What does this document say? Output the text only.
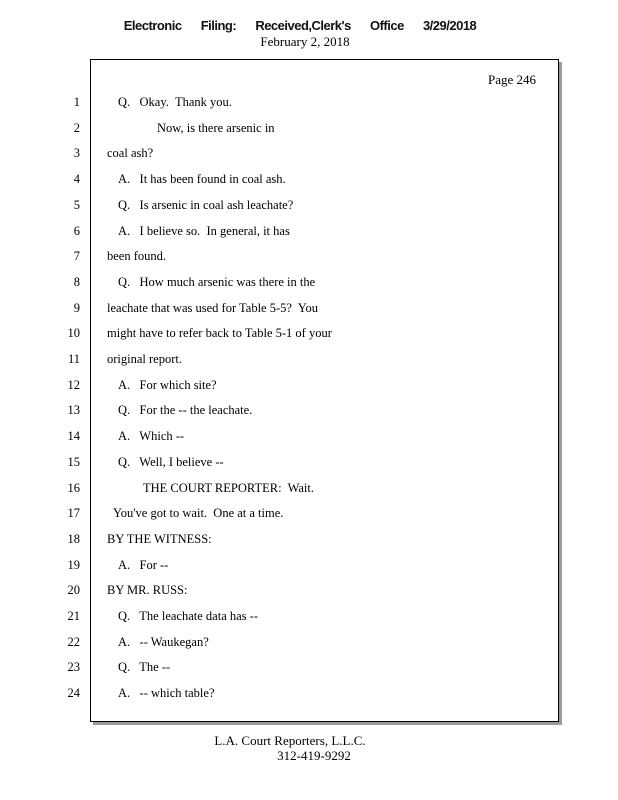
Electronic Filing: Received,Clerk's Office 3/29/2018
February 2, 2018
Page 246
1	Q.   Okay.  Thank you.
2	Now, is there arsenic in
3 coal ash?
4	A.   It has been found in coal ash.
5	Q.   Is arsenic in coal ash leachate?
6	A.   I believe so.  In general, it has
7 been found.
8	Q.   How much arsenic was there in the
9 leachate that was used for Table 5-5?  You
10 might have to refer back to Table 5-1 of your
11 original report.
12	A.   For which site?
13	Q.   For the -- the leachate.
14	A.   Which --
15	Q.   Well, I believe --
16	THE COURT REPORTER:  Wait.
17	You've got to wait.  One at a time.
18 BY THE WITNESS:
19	A.   For --
20 BY MR. RUSS:
21	Q.   The leachate data has --
22	A.   -- Waukegan?
23	Q.   The --
24	A.   -- which table?
L.A. Court Reporters, L.L.C.
312-419-9292
